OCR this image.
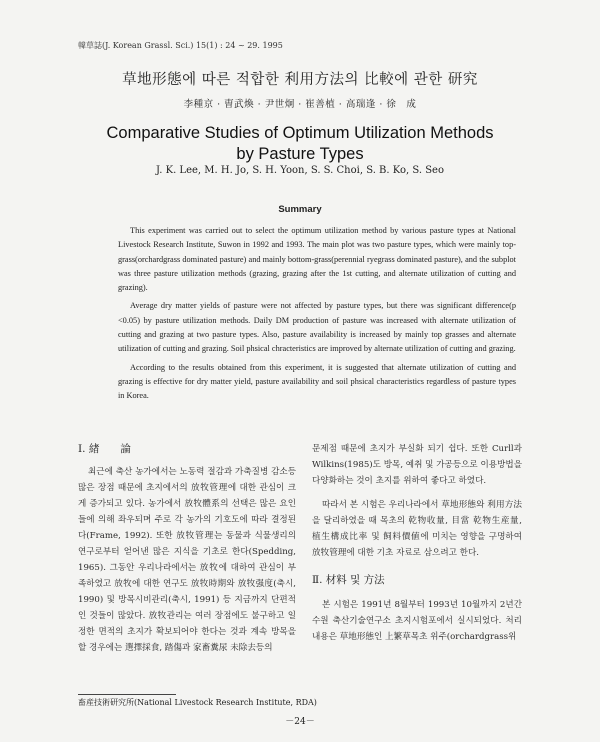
韓草誌(J. Korean Grassl. Sci.) 15(1) : 24 ~ 29. 1995
草地形態에 따른 적합한 利用方法의 比較에 관한 研究
李種京 · 曺武煥 · 尹世炯 · 崔善植 · 高瑞逢 · 徐　成
Comparative Studies of Optimum Utilization Methods
by Pasture Types
J. K. Lee, M. H. Jo, S. H. Yoon, S. S. Choi, S. B. Ko, S. Seo
Summary

This experiment was carried out to select the optimum utilization method by various pasture types at National Livestock Research Institute, Suwon in 1992 and 1993. The main plot was two pasture types, which were mainly top-grass(orchardgrass dominated pasture) and mainly bottom-grass(perennial ryegrass dominated pasture), and the subplot was three pasture utilization methods (grazing, grazing after the 1st cutting, and alternate utilization of cutting and grazing).

Average dry matter yields of pasture were not affected by pasture types, but there was significant difference(p <0.05) by pasture utilization methods. Daily DM production of pasture was increased with alternate utilization of cutting and grazing at two pasture types. Also, pasture availability is increased by mainly top grasses and alternate utilization of cutting and grazing. Soil phsical chracteristics are improved by alternate utilization of cutting and grazing.

According to the results obtained from this experiment, it is suggested that alternate utilization of cutting and grazing is effective for dry matter yield, pasture availability and soil phsical characteristics regardless of pasture types in Korea.

Ⅰ. 緖　　論

최근에 축산 농가에서는 노동력 절감과 가축질병 감소등 많은 장점 때문에 초지에서의 放牧管理에 대한 관심이 크게 증가되고 있다. 농가에서 放牧體系의 선택은 많은 요인들에 의해 좌우되며 주로 각 농가의 기호도에 따라 결정된다(Frame, 1992). 또한 放牧管理는 동물과 식물생리의 연구로부터 얻어낸 많은 지식을 기초로 한다(Spedding, 1965). 그동안 우리나라에서는 放牧에 대하여 관심이 부족하였고 放牧에 대한 연구도 放牧時期와 放牧强度(축시, 1990) 및 방목시비관리(축시, 1991) 등 지금까지 단편적인 것들이 많았다. 放牧관리는 여러 장점에도 불구하고 일정한 면적의 초지가 확보되어야 한다는 것과 계속 방목을 할 경우에는 選擇採食, 踏傷과 家畜糞尿 未除去등의

문제점 때문에 초지가 부실화 되기 쉽다. 또한 Curll과 Wilkins(1985)도 방목, 예취 및 가공등으로 이용방법을 다양화하는 것이 초지를 위하여 좋다고 하였다.

따라서 본 시험은 우리나라에서 草地形態와 利用方法을 달리하였을 때 목초의 乾物收量, 目當 乾物生産量, 植生構成比率 및 飼料價値에 미치는 영향을 구명하여 放牧管理에 대한 기초 자료로 삼으려고 한다.

Ⅱ. 材料 및 方法

본 시험은 1991년 8월부터 1993년 10월까지 2년간 수원 축산기술연구소 초지시험포에서 실시되었다. 처리내용은 草地形態인 上繁草목초 위주(orchardgrass위

畜産技術研究所(National Livestock Research Institute, RDA)
－24－
